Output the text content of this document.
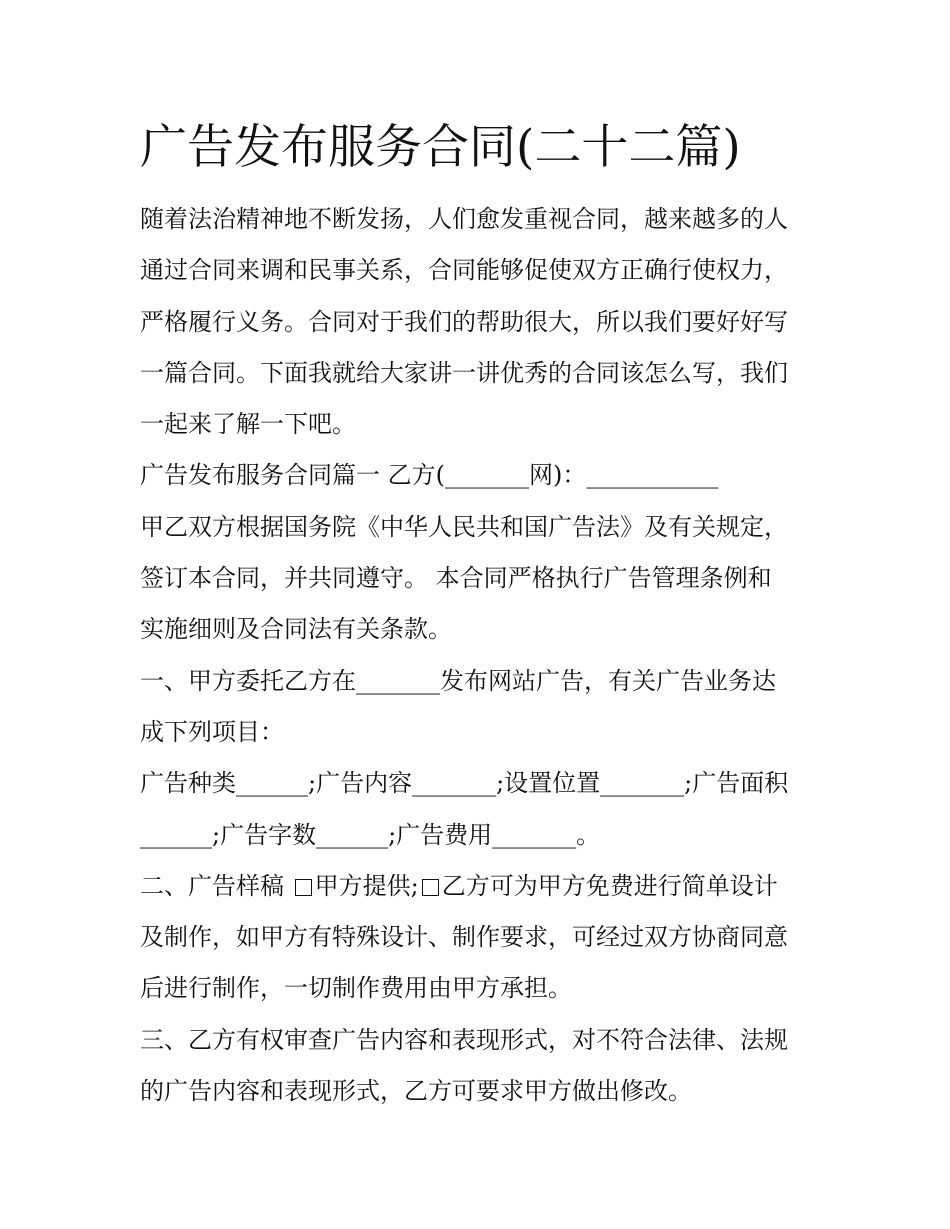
广告发布服务合同(二十二篇)
随着法治精神地不断发扬，人们愈发重视合同，越来越多的人
通过合同来调和民事关系，合同能够促使双方正确行使权力，
严格履行义务。合同对于我们的帮助很大，所以我们要好好写
一篇合同。下面我就给大家讲一讲优秀的合同该怎么写，我们
一起来了解一下吧。
广告发布服务合同篇一 乙方(_______网)：___________
甲乙双方根据国务院《中华人民共和国广告法》及有关规定，
签订本合同，并共同遵守。 本合同严格执行广告管理条例和
实施细则及合同法有关条款。
一、甲方委托乙方在_______发布网站广告，有关广告业务达
成下列项目：
广告种类______;广告内容_______;设置位置_______;广告面积
______;广告字数______;广告费用_______。
二、广告样稿 甲方提供; 乙方可为甲方免费进行简单设计
及制作，如甲方有特殊设计、制作要求，可经过双方协商同意
后进行制作，一切制作费用由甲方承担。
三、乙方有权审查广告内容和表现形式，对不符合法律、法规
的广告内容和表现形式，乙方可要求甲方做出修改。
